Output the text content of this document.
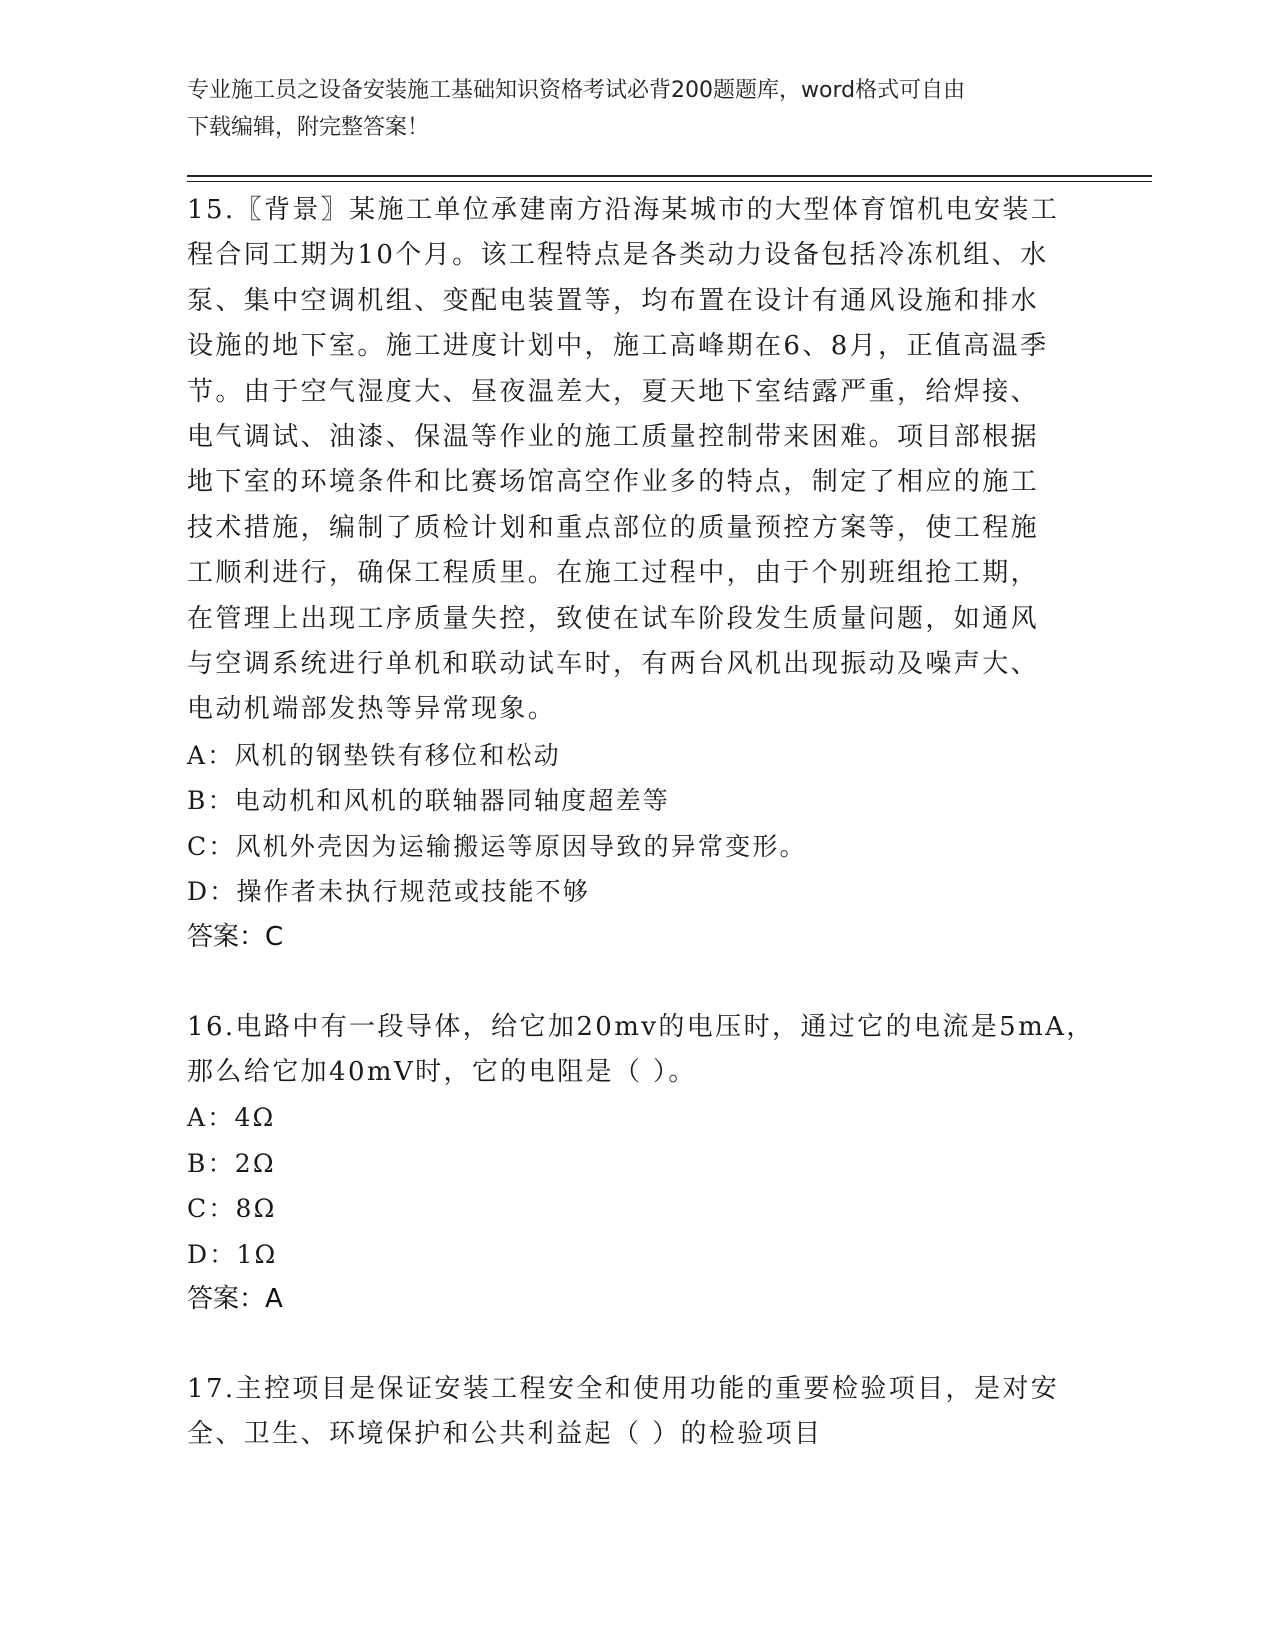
专业施工员之设备安装施工基础知识资格考试必背200题题库，word格式可自由
下载编辑，附完整答案！
15.〖背景〗某施工单位承建南方沿海某城市的大型体育馆机电安装工
程合同工期为10个月。该工程特点是各类动力设备包括冷冻机组、水
泵、集中空调机组、变配电装置等，均布置在设计有通风设施和排水
设施的地下室。施工进度计划中，施工高峰期在6、8月，正值高温季
节。由于空气湿度大、昼夜温差大，夏天地下室结露严重，给焊接、
电气调试、油漆、保温等作业的施工质量控制带来困难。项目部根据
地下室的环境条件和比赛场馆高空作业多的特点，制定了相应的施工
技术措施，编制了质检计划和重点部位的质量预控方案等，使工程施
工顺利进行，确保工程质里。在施工过程中，由于个别班组抢工期，
在管理上出现工序质量失控，致使在试车阶段发生质量问题，如通风
与空调系统进行单机和联动试车时，有两台风机出现振动及噪声大、
电动机端部发热等异常现象。
A：风机的钢垫铁有移位和松动
B：电动机和风机的联轴器同轴度超差等
C：风机外壳因为运输搬运等原因导致的异常变形。
D：操作者未执行规范或技能不够
答案：C
16.电路中有一段导体，给它加20mv的电压时，通过它的电流是5mA，
那么给它加40mV时，它的电阻是（ ）。
A：4Ω
B：2Ω
C：8Ω
D：1Ω
答案：A
17.主控项目是保证安装工程安全和使用功能的重要检验项目，是对安
全、卫生、环境保护和公共利益起（ ）的检验项目
